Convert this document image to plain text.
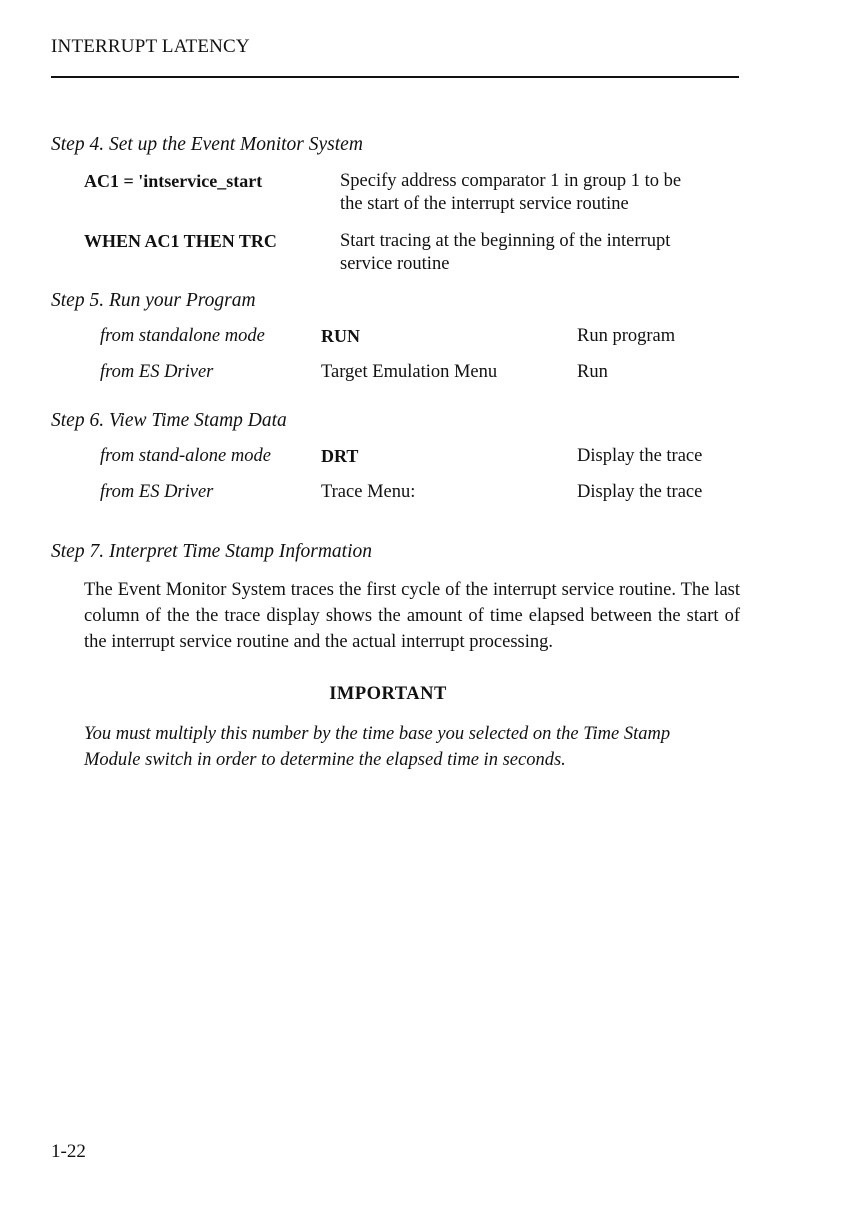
INTERRUPT LATENCY
Step 4. Set up the Event Monitor System
AC1 = 'intservice_start	Specify address comparator 1 in group 1 to be
the start of the interrupt service routine
WHEN AC1 THEN TRC	Start tracing at the beginning of the interrupt
service routine
Step 5. Run your Program
from standalone mode	RUN	Run program
from ES Driver	Target Emulation Menu	Run
Step 6. View Time Stamp Data
from stand-alone mode	DRT	Display the trace
from ES Driver	Trace Menu:	Display the trace
Step 7. Interpret Time Stamp Information
The Event Monitor System traces the first cycle of the interrupt service routine. The last column of the the trace display shows the amount of time elapsed between the start of the interrupt service routine and the actual interrupt processing.
IMPORTANT
You must multiply this number by the time base you selected on the Time Stamp Module switch in order to determine the elapsed time in seconds.
1-22
